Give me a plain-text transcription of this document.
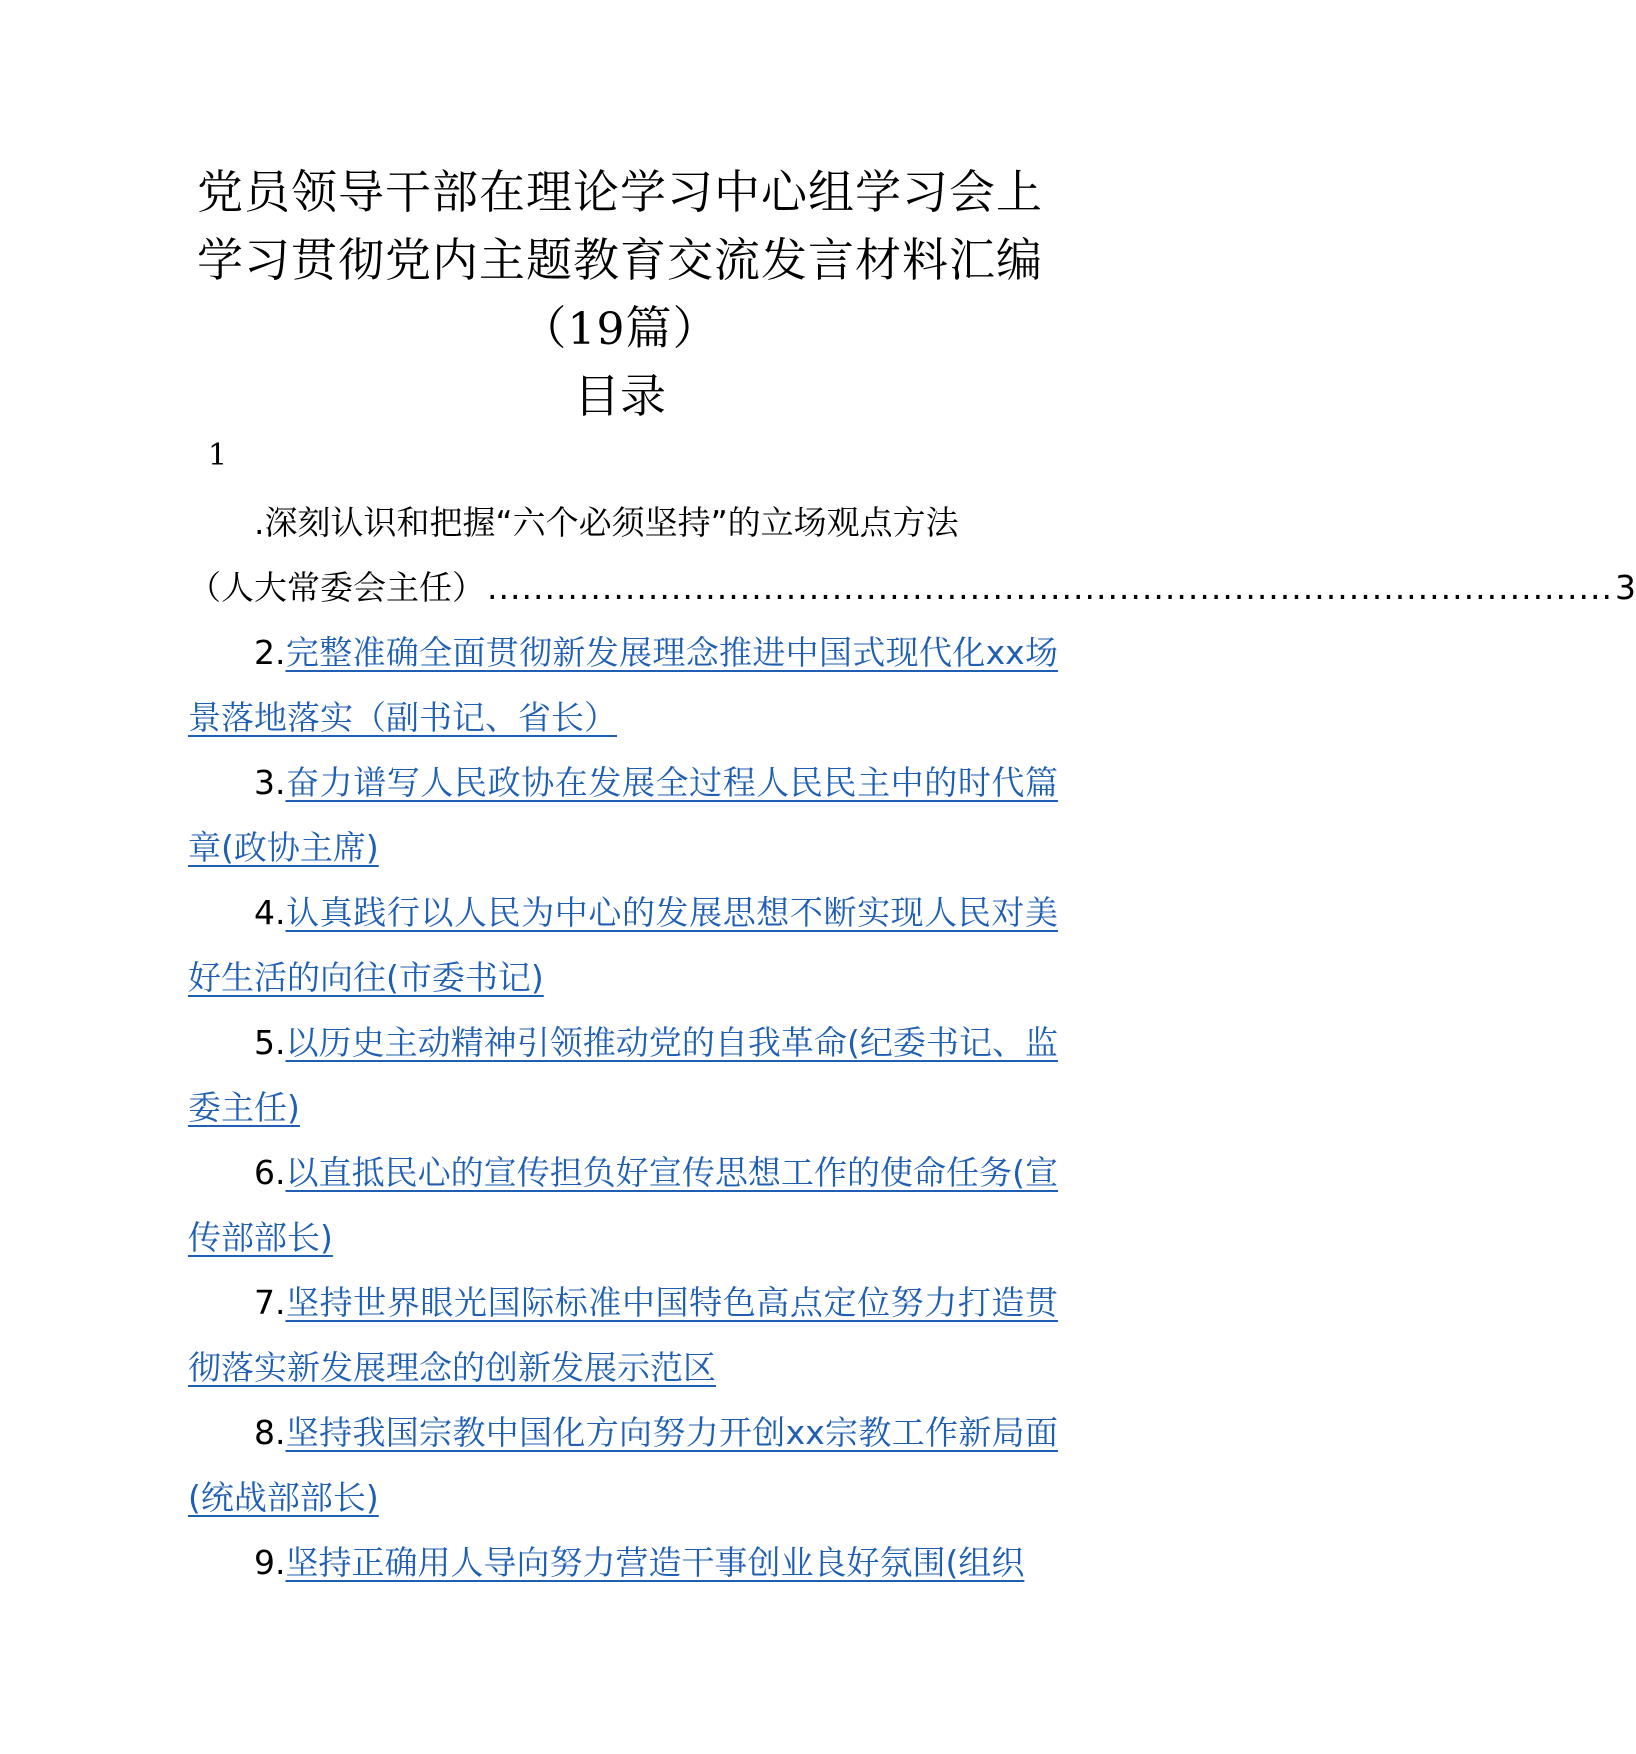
党员领导干部在理论学习中心组学习会上
学习贯彻党内主题教育交流发言材料汇编
（19篇）
目录
1

.深刻认识和把握“六个必须坚持”的立场观点方法

（人大常委会主任） .................................................................................................. 3

2.完整准确全面贯彻新发展理念推进中国式现代化xx场景落地落实（副书记、省长）

3.奋力谱写人民政协在发展全过程人民民主中的时代篇章(政协主席)

4.认真践行以人民为中心的发展思想不断实现人民对美好生活的向往(市委书记)

5.以历史主动精神引领推动党的自我革命(纪委书记、监委主任)

6.以直抵民心的宣传担负好宣传思想工作的使命任务(宣传部部长)

7.坚持世界眼光国际标准中国特色高点定位努力打造贯彻落实新发展理念的创新发展示范区

8.坚持我国宗教中国化方向努力开创xx宗教工作新局面(统战部部长)

9.坚持正确用人导向努力营造干事创业良好氛围(组织
